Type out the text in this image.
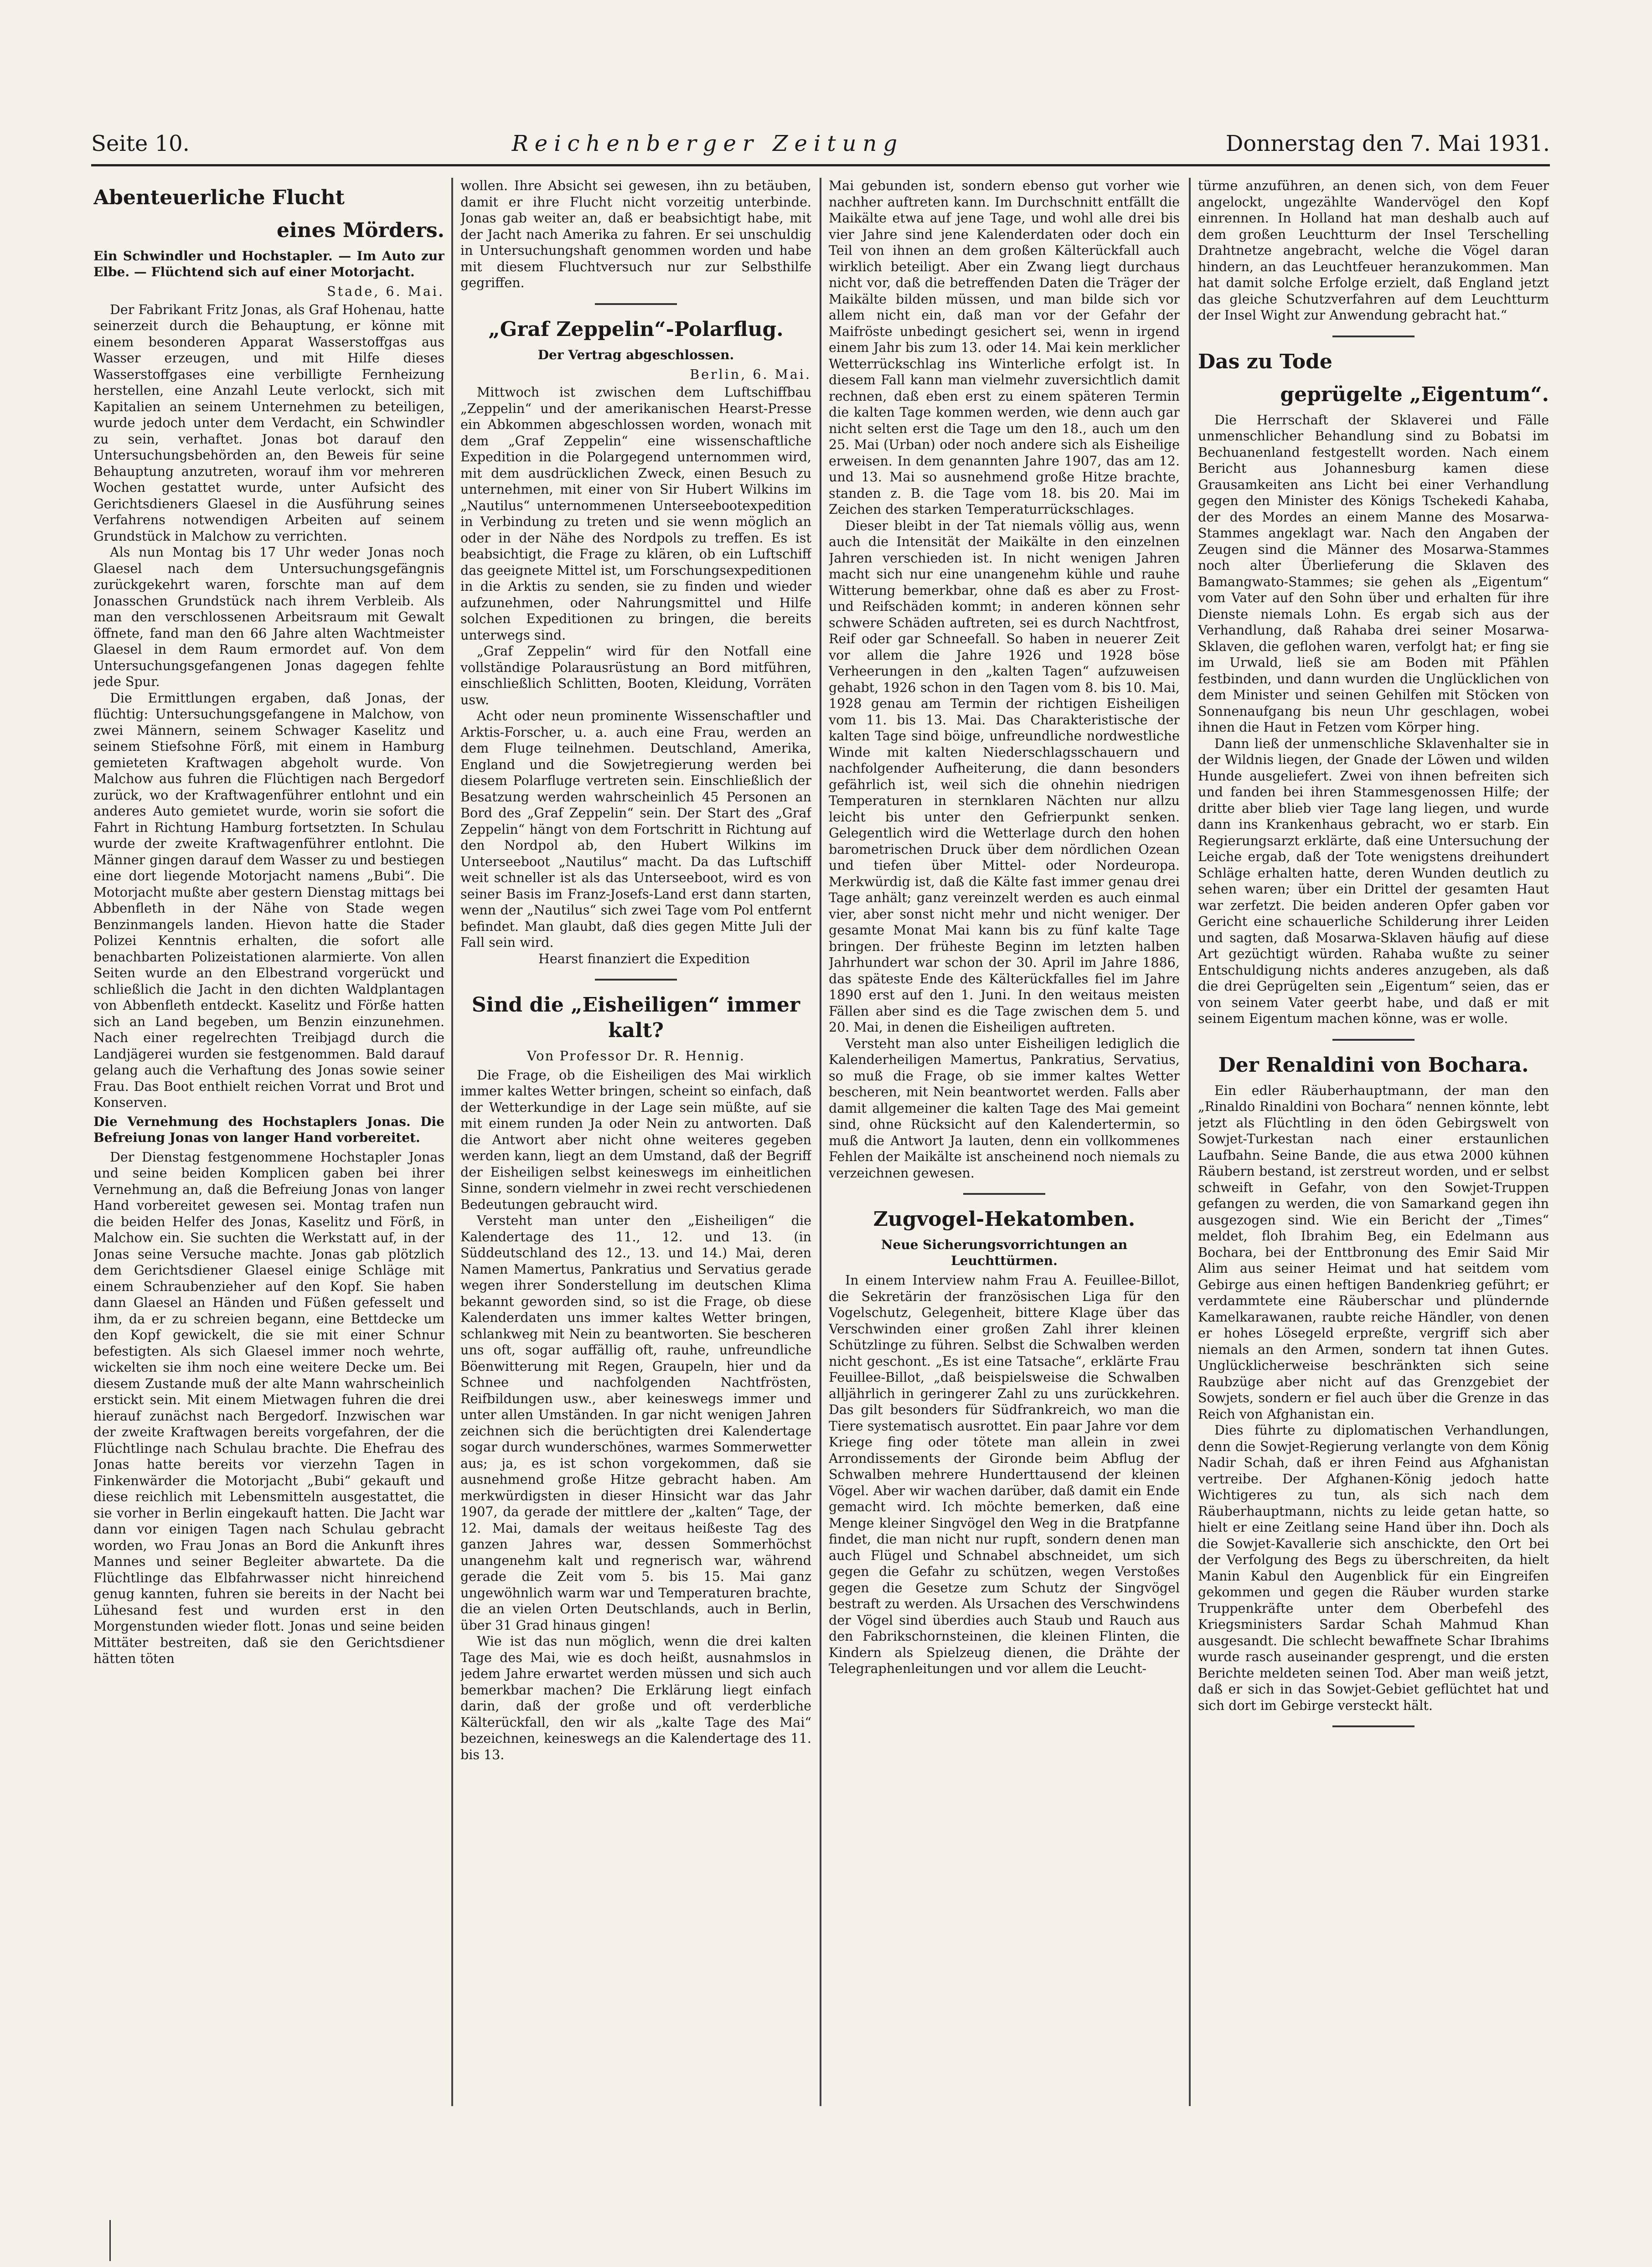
Seite 10.	Reichenberger Zeitung	Donnerstag den 7. Mai 1931.
Abenteuerliche Flucht
eines Mörders.
Ein Schwindler und Hochstapler. — Im Auto zur Elbe. — Flüchtend sich auf einer Motorjacht.
Stade, 6. Mai.

Der Fabrikant Fritz Jonas, als Graf Hohenau, hatte seinerzeit durch die Behauptung, er könne mit einem besonderen Apparat Wasserstoffgas aus Wasser erzeugen, und mit Hilfe dieses Wasserstoffgases eine verbilligte Fernheizung herstellen, eine Anzahl Leute verlockt, sich mit Kapitalien an seinem Unternehmen zu beteiligen, wurde jedoch unter dem Verdacht, ein Schwindler zu sein, verhaftet. Jonas bot darauf den Untersuchungsbehörden an, den Beweis für seine Behauptung anzutreten, worauf ihm vor mehreren Wochen gestattet wurde, unter Aufsicht des Gerichtsdieners Glaesel in die Ausführung seines Verfahrens notwendigen Arbeiten auf seinem Grundstück in Malchow zu verrichten.

Als nun Montag bis 17 Uhr weder Jonas noch Glaesel nach dem Untersuchungsgefängnis zurückgekehrt waren, forschte man auf dem Jonasschen Grundstück nach ihrem Verbleib. Als man den verschlossenen Arbeitsraum mit Gewalt öffnete, fand man den 66 Jahre alten Wachtmeister Glaesel in dem Raum ermordet auf. Von dem Untersuchungsgefangenen Jonas dagegen fehlte jede Spur.

Die Ermittlungen ergaben, daß Jonas, der flüchtig: Untersuchungsgefangene in Malchow, von zwei Männern, seinem Schwager Kaselitz und seinem Stiefsohne Förß, mit einem in Hamburg gemieteten Kraftwagen abgeholt wurde. Von Malchow aus fuhren die Flüchtigen nach Bergedorf zurück, wo der Kraftwagenführer entlohnt und ein anderes Auto gemietet wurde, worin sie sofort die Fahrt in Richtung Hamburg fortsetzten. In Schulau wurde der zweite Kraftwagenführer entlohnt. Die Männer gingen darauf dem Wasser zu und bestiegen eine dort liegende Motorjacht namens „Bubi“. Die Motorjacht mußte aber gestern Dienstag mittags bei Abbenfleth in der Nähe von Stade wegen Benzinmangels landen. Hievon hatte die Stader Polizei Kenntnis erhalten, die sofort alle benachbarten Polizeistationen alarmierte. Von allen Seiten wurde an den Elbestrand vorgerückt und schließlich die Jacht in den dichten Waldplantagen von Abbenfleth entdeckt. Kaselitz und Förße hatten sich an Land begeben, um Benzin einzunehmen. Nach einer regelrechten Treibjagd durch die Landjägerei wurden sie festgenommen. Bald darauf gelang auch die Verhaftung des Jonas sowie seiner Frau. Das Boot enthielt reichen Vorrat und Brot und Konserven.

Die Vernehmung des Hochstaplers Jonas. Die Befreiung Jonas von langer Hand vorbereitet.

Der Dienstag festgenommene Hochstapler Jonas und seine beiden Komplicen gaben bei ihrer Vernehmung an, daß die Befreiung Jonas von langer Hand vorbereitet gewesen sei. Montag trafen nun die beiden Helfer des Jonas, Kaselitz und Förß, in Malchow ein. Sie suchten die Werkstatt auf, in der Jonas seine Versuche machte. Jonas gab plötzlich dem Gerichtsdiener Glaesel einige Schläge mit einem Schraubenzieher auf den Kopf. Sie haben dann Glaesel an Händen und Füßen gefesselt und ihm, da er zu schreien begann, eine Bettdecke um den Kopf gewickelt, die sie mit einer Schnur befestigten. Als sich Glaesel immer noch wehrte, wickelten sie ihm noch eine weitere Decke um. Bei diesem Zustande muß der alte Mann wahrscheinlich erstickt sein. Mit einem Mietwagen fuhren die drei hierauf zunächst nach Bergedorf. Inzwischen war der zweite Kraftwagen bereits vorgefahren, der die Flüchtlinge nach Schulau brachte. Die Ehefrau des Jonas hatte bereits vor vierzehn Tagen in Finkenwärder die Motorjacht „Bubi“ gekauft und diese reichlich mit Lebensmitteln ausgestattet, die sie vorher in Berlin eingekauft hatten. Die Jacht war dann vor einigen Tagen nach Schulau gebracht worden, wo Frau Jonas an Bord die Ankunft ihres Mannes und seiner Begleiter abwartete. Da die Flüchtlinge das Elbfahrwasser nicht hinreichend genug kannten, fuhren sie bereits in der Nacht bei Lühesand fest und wurden erst in den Morgenstunden wieder flott. Jonas und seine beiden Mittäter bestreiten, daß sie den Gerichtsdiener hätten töten

wollen. Ihre Absicht sei gewesen, ihn zu betäuben, damit er ihre Flucht nicht vorzeitig unterbinde. Jonas gab weiter an, daß er beabsichtigt habe, mit der Jacht nach Amerika zu fahren. Er sei unschuldig in Untersuchungshaft genommen worden und habe mit diesem Fluchtversuch nur zur Selbsthilfe gegriffen.

„Graf Zeppelin“-Polarflug.
Der Vertrag abgeschlossen.
Berlin, 6. Mai.

Mittwoch ist zwischen dem Luftschiffbau „Zeppelin“ und der amerikanischen Hearst-Presse ein Abkommen abgeschlossen worden, wonach mit dem „Graf Zeppelin“ eine wissenschaftliche Expedition in die Polargegend unternommen wird, mit dem ausdrücklichen Zweck, einen Besuch zu unternehmen, mit einer von Sir Hubert Wilkins im „Nautilus“ unternommenen Unterseebootexpedition in Verbindung zu treten und sie wenn möglich an oder in der Nähe des Nordpols zu treffen. Es ist beabsichtigt, die Frage zu klären, ob ein Luftschiff das geeignete Mittel ist, um Forschungsexpeditionen in die Arktis zu senden, sie zu finden und wieder aufzunehmen, oder Nahrungsmittel und Hilfe solchen Expeditionen zu bringen, die bereits unterwegs sind.

„Graf Zeppelin“ wird für den Notfall eine vollständige Polarausrüstung an Bord mitführen, einschließlich Schlitten, Booten, Kleidung, Vorräten usw.

Acht oder neun prominente Wissenschaftler und Arktis-Forscher, u. a. auch eine Frau, werden an dem Fluge teilnehmen. Deutschland, Amerika, England und die Sowjetregierung werden bei diesem Polarfluge vertreten sein. Einschließlich der Besatzung werden wahrscheinlich 45 Personen an Bord des „Graf Zeppelin“ sein. Der Start des „Graf Zeppelin“ hängt von dem Fortschritt in Richtung auf den Nordpol ab, den Hubert Wilkins im Unterseeboot „Nautilus“ macht. Da das Luftschiff weit schneller ist als das Unterseeboot, wird es von seiner Basis im Franz-Josefs-Land erst dann starten, wenn der „Nautilus“ sich zwei Tage vom Pol entfernt befindet. Man glaubt, daß dies gegen Mitte Juli der Fall sein wird.

Hearst finanziert die Expedition

Sind die „Eisheiligen“ immer kalt?
Von Professor Dr. R. Hennig.

Die Frage, ob die Eisheiligen des Mai wirklich immer kaltes Wetter bringen, scheint so einfach, daß der Wetterkundige in der Lage sein müßte, auf sie mit einem runden Ja oder Nein zu antworten. Daß die Antwort aber nicht ohne weiteres gegeben werden kann, liegt an dem Umstand, daß der Begriff der Eisheiligen selbst keineswegs im einheitlichen Sinne, sondern vielmehr in zwei recht verschiedenen Bedeutungen gebraucht wird.

Versteht man unter den „Eisheiligen“ die Kalendertage des 11., 12. und 13. (in Süddeutschland des 12., 13. und 14.) Mai, deren Namen Mamertus, Pankratius und Servatius gerade wegen ihrer Sonderstellung im deutschen Klima bekannt geworden sind, so ist die Frage, ob diese Kalenderdaten uns immer kaltes Wetter bringen, schlankweg mit Nein zu beantworten. Sie bescheren uns oft, sogar auffällig oft, rauhe, unfreundliche Böenwitterung mit Regen, Graupeln, hier und da Schnee und nachfolgenden Nachtfrösten, Reifbildungen usw., aber keineswegs immer und unter allen Umständen. In gar nicht wenigen Jahren zeichnen sich die berüchtigten drei Kalendertage sogar durch wunderschönes, warmes Sommerwetter aus; ja, es ist schon vorgekommen, daß sie ausnehmend große Hitze gebracht haben. Am merkwürdigsten in dieser Hinsicht war das Jahr 1907, da gerade der mittlere der „kalten“ Tage, der 12. Mai, damals der weitaus heißeste Tag des ganzen Jahres war, dessen Sommerhöchst unangenehm kalt und regnerisch war, während gerade die Zeit vom 5. bis 15. Mai ganz ungewöhnlich warm war und Temperaturen brachte, die an vielen Orten Deutschlands, auch in Berlin, über 31 Grad hinaus gingen!

Wie ist das nun möglich, wenn die drei kalten Tage des Mai, wie es doch heißt, ausnahmslos in jedem Jahre erwartet werden müssen und sich auch bemerkbar machen? Die Erklärung liegt einfach darin, daß der große und oft verderbliche Kälterückfall, den wir als „kalte Tage des Mai“ bezeichnen, keineswegs an die Kalendertage des 11. bis 13.

Mai gebunden ist, sondern ebenso gut vorher wie nachher auftreten kann. Im Durchschnitt entfällt die Maikälte etwa auf jene Tage, und wohl alle drei bis vier Jahre sind jene Kalenderdaten oder doch ein Teil von ihnen an dem großen Kälterückfall auch wirklich beteiligt. Aber ein Zwang liegt durchaus nicht vor, daß die betreffenden Daten die Träger der Maikälte bilden müssen, und man bilde sich vor allem nicht ein, daß man vor der Gefahr der Maifröste unbedingt gesichert sei, wenn in irgend einem Jahr bis zum 13. oder 14. Mai kein merklicher Wetterrückschlag ins Winterliche erfolgt ist. In diesem Fall kann man vielmehr zuversichtlich damit rechnen, daß eben erst zu einem späteren Termin die kalten Tage kommen werden, wie denn auch gar nicht selten erst die Tage um den 18., auch um den 25. Mai (Urban) oder noch andere sich als Eisheilige erweisen. In dem genannten Jahre 1907, das am 12. und 13. Mai so ausnehmend große Hitze brachte, standen z. B. die Tage vom 18. bis 20. Mai im Zeichen des starken Temperaturrückschlages.

Dieser bleibt in der Tat niemals völlig aus, wenn auch die Intensität der Maikälte in den einzelnen Jahren verschieden ist. In nicht wenigen Jahren macht sich nur eine unangenehm kühle und rauhe Witterung bemerkbar, ohne daß es aber zu Frost- und Reifschäden kommt; in anderen können sehr schwere Schäden auftreten, sei es durch Nachtfrost, Reif oder gar Schneefall. So haben in neuerer Zeit vor allem die Jahre 1926 und 1928 böse Verheerungen in den „kalten Tagen“ aufzuweisen gehabt, 1926 schon in den Tagen vom 8. bis 10. Mai, 1928 genau am Termin der richtigen Eisheiligen vom 11. bis 13. Mai. Das Charakteristische der kalten Tage sind böige, unfreundliche nordwestliche Winde mit kalten Niederschlagsschauern und nachfolgender Aufheiterung, die dann besonders gefährlich ist, weil sich die ohnehin niedrigen Temperaturen in sternklaren Nächten nur allzu leicht bis unter den Gefrierpunkt senken. Gelegentlich wird die Wetterlage durch den hohen barometrischen Druck über dem nördlichen Ozean und tiefen über Mittel- oder Nordeuropa. Merkwürdig ist, daß die Kälte fast immer genau drei Tage anhält; ganz vereinzelt werden es auch einmal vier, aber sonst nicht mehr und nicht weniger. Der gesamte Monat Mai kann bis zu fünf kalte Tage bringen. Der früheste Beginn im letzten halben Jahrhundert war schon der 30. April im Jahre 1886, das späteste Ende des Kälterückfalles fiel im Jahre 1890 erst auf den 1. Juni. In den weitaus meisten Fällen aber sind es die Tage zwischen dem 5. und 20. Mai, in denen die Eisheiligen auftreten.

Versteht man also unter Eisheiligen lediglich die Kalenderheiligen Mamertus, Pankratius, Servatius, so muß die Frage, ob sie immer kaltes Wetter bescheren, mit Nein beantwortet werden. Falls aber damit allgemeiner die kalten Tage des Mai gemeint sind, ohne Rücksicht auf den Kalendertermin, so muß die Antwort Ja lauten, denn ein vollkommenes Fehlen der Maikälte ist anscheinend noch niemals zu verzeichnen gewesen.

Zugvogel-Hekatomben.
Neue Sicherungsvorrichtungen an Leuchttürmen.

In einem Interview nahm Frau A. Feuillee-Billot, die Sekretärin der französischen Liga für den Vogelschutz, Gelegenheit, bittere Klage über das Verschwinden einer großen Zahl ihrer kleinen Schützlinge zu führen. Selbst die Schwalben werden nicht geschont. „Es ist eine Tatsache“, erklärte Frau Feuillee-Billot, „daß beispielsweise die Schwalben alljährlich in geringerer Zahl zu uns zurückkehren. Das gilt besonders für Südfrankreich, wo man die Tiere systematisch ausrottet. Ein paar Jahre vor dem Kriege fing oder tötete man allein in zwei Arrondissements der Gironde beim Abflug der Schwalben mehrere Hunderttausend der kleinen Vögel. Aber wir wachen darüber, daß damit ein Ende gemacht wird. Ich möchte bemerken, daß eine Menge kleiner Singvögel den Weg in die Bratpfanne findet, die man nicht nur rupft, sondern denen man auch Flügel und Schnabel abschneidet, um sich gegen die Gefahr zu schützen, wegen Verstoßes gegen die Gesetze zum Schutz der Singvögel bestraft zu werden. Als Ursachen des Verschwindens der Vögel sind überdies auch Staub und Rauch aus den Fabrikschornsteinen, die kleinen Flinten, die Kindern als Spielzeug dienen, die Drähte der Telegraphenleitungen und vor allem die Leucht-

türme anzuführen, an denen sich, von dem Feuer angelockt, ungezählte Wandervögel den Kopf einrennen. In Holland hat man deshalb auch auf dem großen Leuchtturm der Insel Terschelling Drahtnetze angebracht, welche die Vögel daran hindern, an das Leuchtfeuer heranzukommen. Man hat damit solche Erfolge erzielt, daß England jetzt das gleiche Schutzverfahren auf dem Leuchtturm der Insel Wight zur Anwendung gebracht hat.“

Das zu Tode
geprügelte „Eigentum“.

Die Herrschaft der Sklaverei und Fälle unmenschlicher Behandlung sind zu Bobatsi im Bechuanenland festgestellt worden. Nach einem Bericht aus Johannesburg kamen diese Grausamkeiten ans Licht bei einer Verhandlung gegen den Minister des Königs Tschekedi Kahaba, der des Mordes an einem Manne des Mosarwa-Stammes angeklagt war. Nach den Angaben der Zeugen sind die Männer des Mosarwa-Stammes noch alter Überlieferung die Sklaven des Bamangwato-Stammes; sie gehen als „Eigentum“ vom Vater auf den Sohn über und erhalten für ihre Dienste niemals Lohn. Es ergab sich aus der Verhandlung, daß Rahaba drei seiner Mosarwa-Sklaven, die geflohen waren, verfolgt hat; er fing sie im Urwald, ließ sie am Boden mit Pfählen festbinden, und dann wurden die Unglücklichen von dem Minister und seinen Gehilfen mit Stöcken von Sonnenaufgang bis neun Uhr geschlagen, wobei ihnen die Haut in Fetzen vom Körper hing.

Dann ließ der unmenschliche Sklavenhalter sie in der Wildnis liegen, der Gnade der Löwen und wilden Hunde ausgeliefert. Zwei von ihnen befreiten sich und fanden bei ihren Stammesgenossen Hilfe; der dritte aber blieb vier Tage lang liegen, und wurde dann ins Krankenhaus gebracht, wo er starb. Ein Regierungsarzt erklärte, daß eine Untersuchung der Leiche ergab, daß der Tote wenigstens dreihundert Schläge erhalten hatte, deren Wunden deutlich zu sehen waren; über ein Drittel der gesamten Haut war zerfetzt. Die beiden anderen Opfer gaben vor Gericht eine schauerliche Schilderung ihrer Leiden und sagten, daß Mosarwa-Sklaven häufig auf diese Art gezüchtigt würden. Rahaba wußte zu seiner Entschuldigung nichts anderes anzugeben, als daß die drei Geprügelten sein „Eigentum“ seien, das er von seinem Vater geerbt habe, und daß er mit seinem Eigentum machen könne, was er wolle.

Der Renaldini von Bochara.

Ein edler Räuberhauptmann, der man den „Rinaldo Rinaldini von Bochara“ nennen könnte, lebt jetzt als Flüchtling in den öden Gebirgswelt von Sowjet-Turkestan nach einer erstaunlichen Laufbahn. Seine Bande, die aus etwa 2000 kühnen Räubern bestand, ist zerstreut worden, und er selbst schweift in Gefahr, von den Sowjet-Truppen gefangen zu werden, die von Samarkand gegen ihn ausgezogen sind. Wie ein Bericht der „Times“ meldet, floh Ibrahim Beg, ein Edelmann aus Bochara, bei der Enttbronung des Emir Said Mir Alim aus seiner Heimat und hat seitdem vom Gebirge aus einen heftigen Bandenkrieg geführt; er verdammtete eine Räuberschar und plündernde Kamelkarawanen, raubte reiche Händler, von denen er hohes Lösegeld erpreßte, vergriff sich aber niemals an den Armen, sondern tat ihnen Gutes. Unglücklicherweise beschränkten sich seine Raubzüge aber nicht auf das Grenzgebiet der Sowjets, sondern er fiel auch über die Grenze in das Reich von Afghanistan ein.

Dies führte zu diplomatischen Verhandlungen, denn die Sowjet-Regierung verlangte von dem König Nadir Schah, daß er ihren Feind aus Afghanistan vertreibe. Der Afghanen-König jedoch hatte Wichtigeres zu tun, als sich nach dem Räuberhauptmann, nichts zu leide getan hatte, so hielt er eine Zeitlang seine Hand über ihn. Doch als die Sowjet-Kavallerie sich anschickte, den Ort bei der Verfolgung des Begs zu überschreiten, da hielt Manin Kabul den Augenblick für ein Eingreifen gekommen und gegen die Räuber wurden starke Truppenkräfte unter dem Oberbefehl des Kriegsministers Sardar Schah Mahmud Khan ausgesandt. Die schlecht bewaffnete Schar Ibrahims wurde rasch auseinander gesprengt, und die ersten Berichte meldeten seinen Tod. Aber man weiß jetzt, daß er sich in das Sowjet-Gebiet geflüchtet hat und sich dort im Gebirge versteckt hält.
